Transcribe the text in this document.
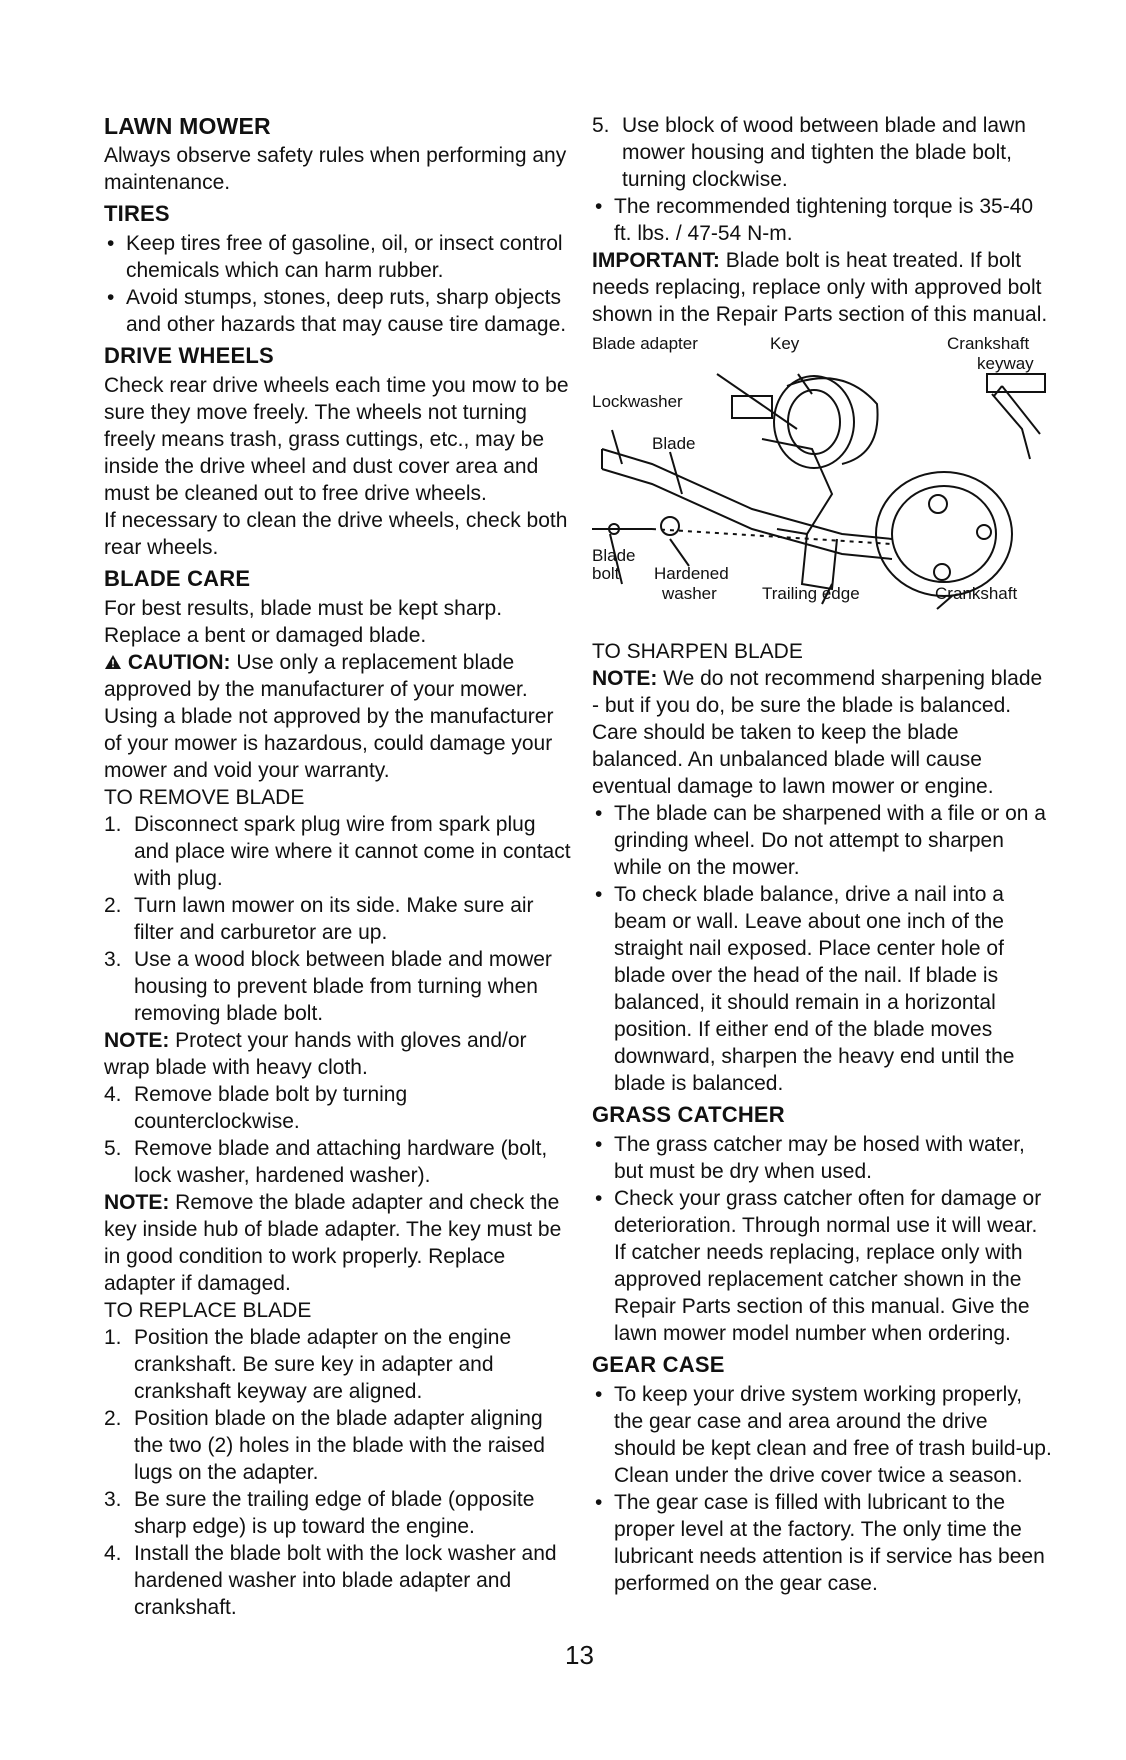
LAWN MOWER

Always observe safety rules when performing any maintenance.

TIRES

• Keep tires free of gasoline, oil, or insect control chemicals which can harm rubber.

• Avoid stumps, stones, deep ruts, sharp objects and other hazards that may cause tire damage.

DRIVE WHEELS

Check rear drive wheels each time you mow to be sure they move freely. The wheels not turning freely means trash, grass cuttings, etc., may be inside the drive wheel and dust cover area and must be cleaned out to free drive wheels.

If necessary to clean the drive wheels, check both rear wheels.

BLADE CARE

For best results, blade must be kept sharp. Replace a bent or damaged blade.

CAUTION: Use only a replacement blade approved by the manufacturer of your mower. Using a blade not approved by the manufacturer of your mower is hazardous, could damage your mower and void your warranty.

TO REMOVE BLADE

1. Disconnect spark plug wire from spark plug and place wire where it cannot come in contact with plug.

2. Turn lawn mower on its side. Make sure air filter and carburetor are up.

3. Use a wood block between blade and mower housing to prevent blade from turning when removing blade bolt.

NOTE: Protect your hands with gloves and/or wrap blade with heavy cloth.

4. Remove blade bolt by turning counterclockwise.

5. Remove blade and attaching hardware (bolt, lock washer, hardened washer).

NOTE: Remove the blade adapter and check the key inside hub of blade adapter. The key must be in good condition to work properly. Replace adapter if damaged.

TO REPLACE BLADE

1. Position the blade adapter on the engine crankshaft. Be sure key in adapter and crankshaft keyway are aligned.

2. Position blade on the blade adapter aligning the two (2) holes in the blade with the raised lugs on the adapter.

3. Be sure the trailing edge of blade (opposite sharp edge) is up toward the engine.

4. Install the blade bolt with the lock washer and hardened washer into blade adapter and crankshaft.

5. Use block of wood between blade and lawn mower housing and tighten the blade bolt, turning clockwise.

• The recommended tightening torque is 35-40 ft. lbs. / 47-54 N-m.

IMPORTANT: Blade bolt is heat treated. If bolt needs replacing, replace only with approved bolt shown in the Repair Parts section of this manual.

Blade adapter	Key	Crankshaft
keyway
Lockwasher
Blade
Blade
bolt Hardened
washer	Trailing edge	Crankshaft

TO SHARPEN BLADE

NOTE: We do not recommend sharpening blade - but if you do, be sure the blade is balanced. Care should be taken to keep the blade balanced. An unbalanced blade will cause eventual damage to lawn mower or engine.

• The blade can be sharpened with a file or on a grinding wheel. Do not attempt to sharpen while on the mower.

• To check blade balance, drive a nail into a beam or wall. Leave about one inch of the straight nail exposed. Place center hole of blade over the head of the nail. If blade is balanced, it should remain in a horizontal position. If either end of the blade moves downward, sharpen the heavy end until the blade is balanced.

GRASS CATCHER

• The grass catcher may be hosed with water, but must be dry when used.

• Check your grass catcher often for damage or deterioration. Through normal use it will wear. If catcher needs replacing, replace only with approved replacement catcher shown in the Repair Parts section of this manual. Give the lawn mower model number when ordering.

GEAR CASE

• To keep your drive system working properly, the gear case and area around the drive should be kept clean and free of trash build-up. Clean under the drive cover twice a season.

• The gear case is filled with lubricant to the proper level at the factory. The only time the lubricant needs attention is if service has been performed on the gear case.

13
